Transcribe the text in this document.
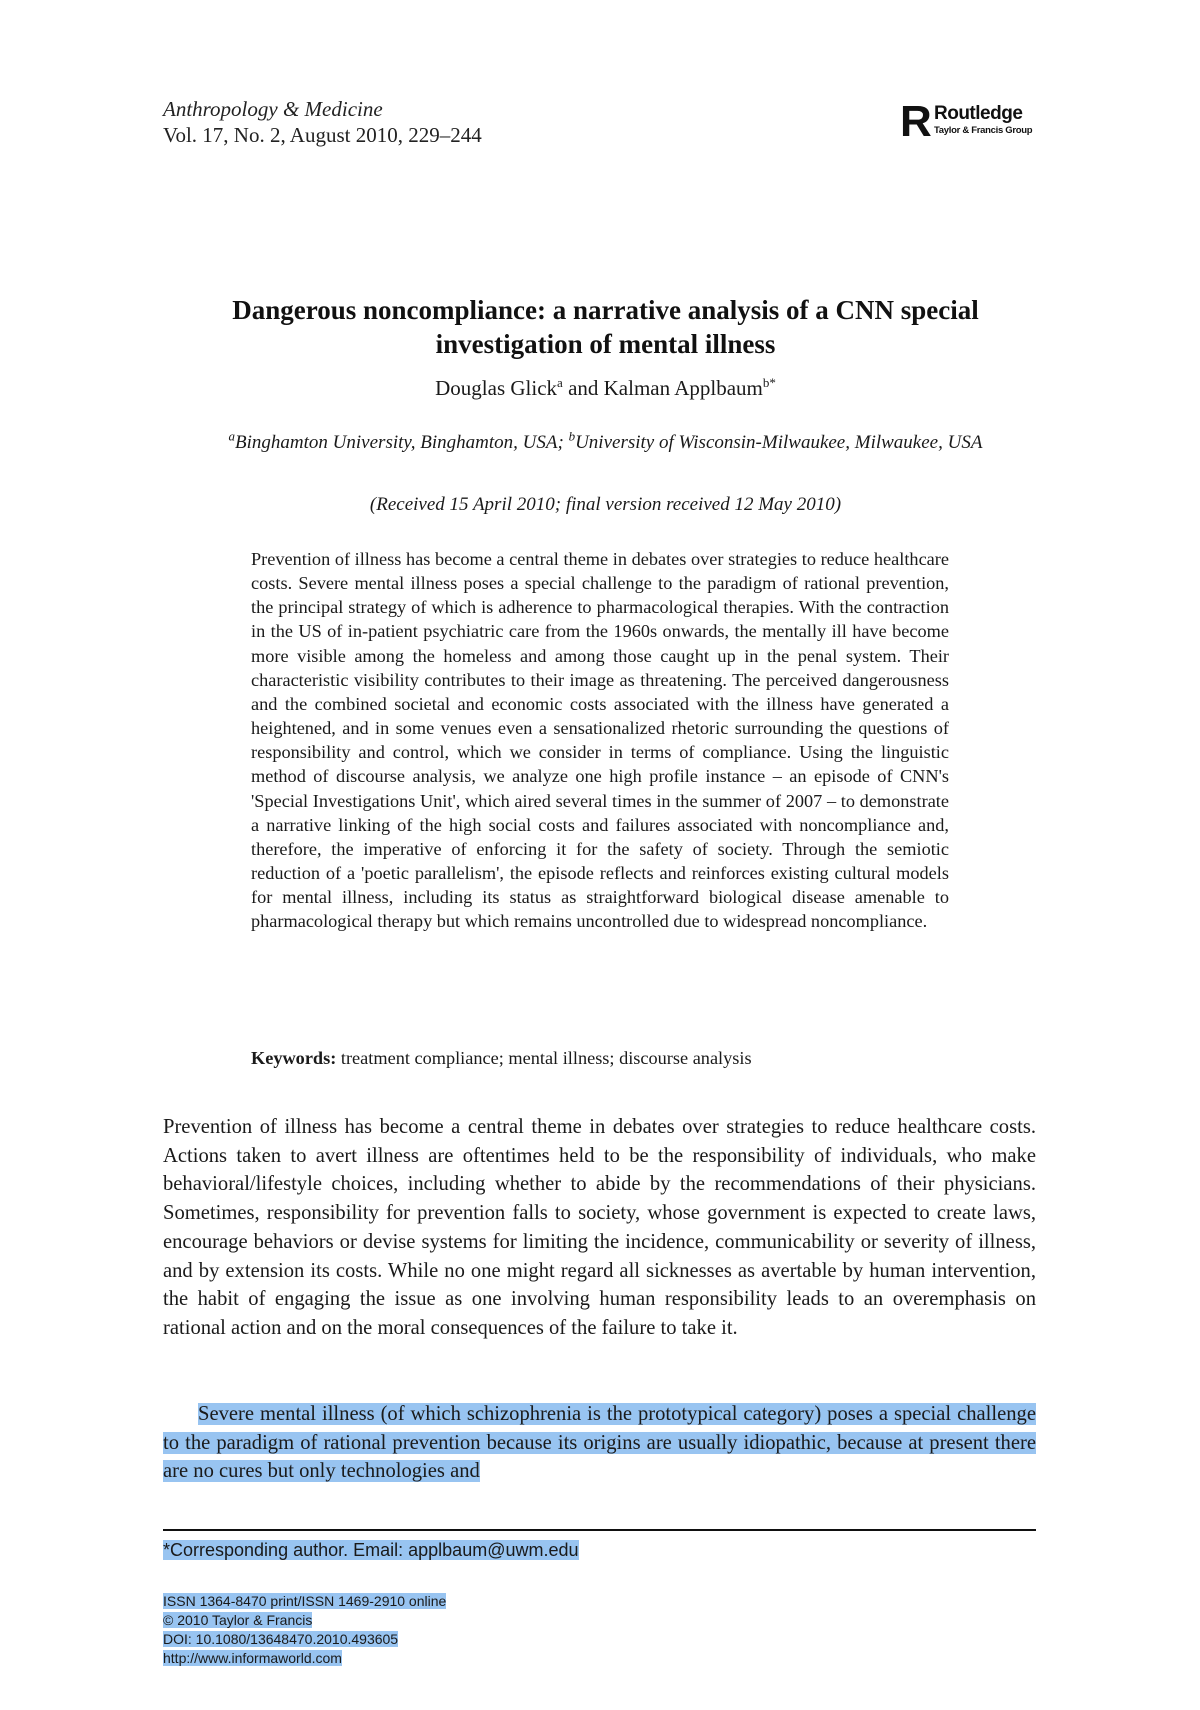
Anthropology & Medicine
Vol. 17, No. 2, August 2010, 229–244	R Routledge
Taylor & Francis Group
Dangerous noncompliance: a narrative analysis of a CNN special investigation of mental illness
Douglas Glick$^a$ and Kalman Applbaum$^{b*}$
$^a$Binghamton University, Binghamton, USA; $^b$University of Wisconsin-Milwaukee, Milwaukee, USA
(Received 15 April 2010; final version received 12 May 2010)
Prevention of illness has become a central theme in debates over strategies to reduce healthcare costs. Severe mental illness poses a special challenge to the paradigm of rational prevention, the principal strategy of which is adherence to pharmacological therapies. With the contraction in the US of in-patient psychiatric care from the 1960s onwards, the mentally ill have become more visible among the homeless and among those caught up in the penal system. Their characteristic visibility contributes to their image as threatening. The perceived dangerousness and the combined societal and economic costs associated with the illness have generated a heightened, and in some venues even a sensationalized rhetoric surrounding the questions of responsibility and control, which we consider in terms of compliance. Using the linguistic method of discourse analysis, we analyze one high profile instance – an episode of CNN's 'Special Investigations Unit', which aired several times in the summer of 2007 – to demonstrate a narrative linking of the high social costs and failures associated with noncompliance and, therefore, the imperative of enforcing it for the safety of society. Through the semiotic reduction of a 'poetic parallelism', the episode reflects and reinforces existing cultural models for mental illness, including its status as straightforward biological disease amenable to pharmacological therapy but which remains uncontrolled due to widespread noncompliance.
Keywords: treatment compliance; mental illness; discourse analysis
Prevention of illness has become a central theme in debates over strategies to reduce healthcare costs. Actions taken to avert illness are oftentimes held to be the responsibility of individuals, who make behavioral/lifestyle choices, including whether to abide by the recommendations of their physicians. Sometimes, responsibility for prevention falls to society, whose government is expected to create laws, encourage behaviors or devise systems for limiting the incidence, communicability or severity of illness, and by extension its costs. While no one might regard all sicknesses as avertable by human intervention, the habit of engaging the issue as one involving human responsibility leads to an overemphasis on rational action and on the moral consequences of the failure to take it.
Severe mental illness (of which schizophrenia is the prototypical category) poses a special challenge to the paradigm of rational prevention because its origins are usually idiopathic, because at present there are no cures but only technologies and
*Corresponding author. Email: applbaum@uwm.edu
ISSN 1364-8470 print/ISSN 1469-2910 online
© 2010 Taylor & Francis
DOI: 10.1080/13648470.2010.493605
http://www.informaworld.com
